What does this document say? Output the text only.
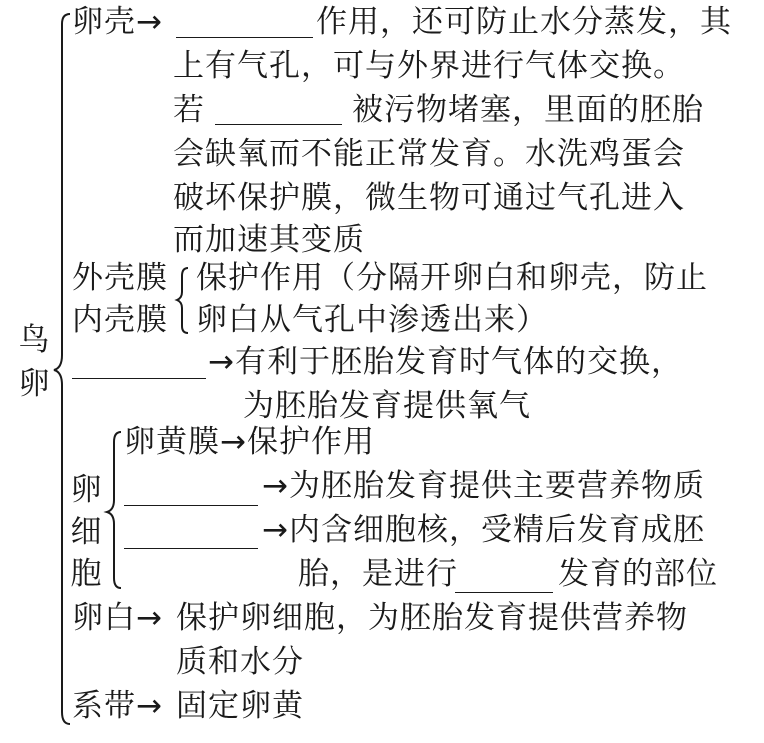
鸟
卵
卵壳→	作用，还可防止水分蒸发，其
上有气孔，可与外界进行气体交换。
若	被污物堵塞，里面的胚胎
会缺氧而不能正常发育。水洗鸡蛋会
破坏保护膜，微生物可通过气孔进入
而加速其变质
外壳膜
内壳膜
保护作用（分隔开卵白和卵壳，防止
卵白从气孔中渗透出来）
→有利于胚胎发育时气体的交换，
为胚胎发育提供氧气
卵
细
胞
卵黄膜→保护作用
→为胚胎发育提供主要营养物质
→内含细胞核，受精后发育成胚
胎，是进行	发育的部位
卵白→ 保护卵细胞，为胚胎发育提供营养物
质和水分
系带→ 固定卵黄
